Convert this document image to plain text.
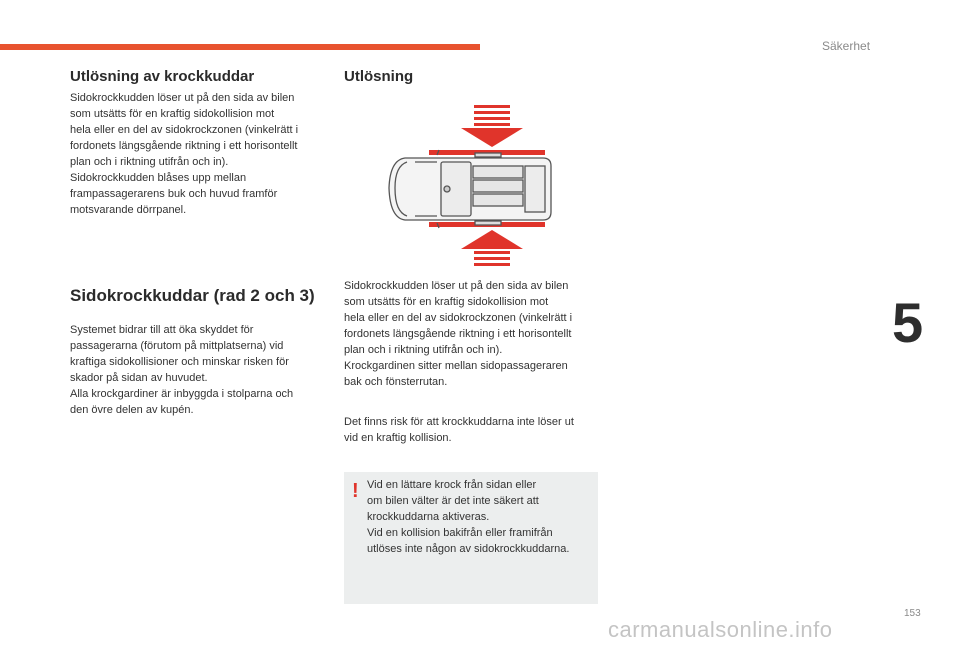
Säkerhet
Utlösning av krockkuddar

Sidokrockkudden löser ut på den sida av bilen
som utsätts för en kraftig sidokollision mot
hela eller en del av sidokrockzonen (vinkelrätt i
fordonets längsgående riktning i ett horisontellt
plan och i riktning utifrån och in).
Sidokrockkudden blåses upp mellan
frampassagerarens buk och huvud framför
motsvarande dörrpanel.

Sidokrockkuddar (rad 2 och 3)

Systemet bidrar till att öka skyddet för
passagerarna (förutom på mittplatserna) vid
kraftiga sidokollisioner och minskar risken för
skador på sidan av huvudet.
Alla krockgardiner är inbyggda i stolparna och
den övre delen av kupén.

Utlösning

Sidokrockkudden löser ut på den sida av bilen
som utsätts för en kraftig sidokollision mot
hela eller en del av sidokrockzonen (vinkelrätt i
fordonets längsgående riktning i ett horisontellt
plan och i riktning utifrån och in).
Krockgardinen sitter mellan sidopassageraren
bak och fönsterrutan.

Det finns risk för att krockkuddarna inte löser ut
vid en kraftig kollision.

! Vid en lättare krock från sidan eller
om bilen välter är det inte säkert att
krockkuddarna aktiveras.
Vid en kollision bakifrån eller framifrån
utlöses inte någon av sidokrockkuddarna.

5
153
carmanualsonline.info
